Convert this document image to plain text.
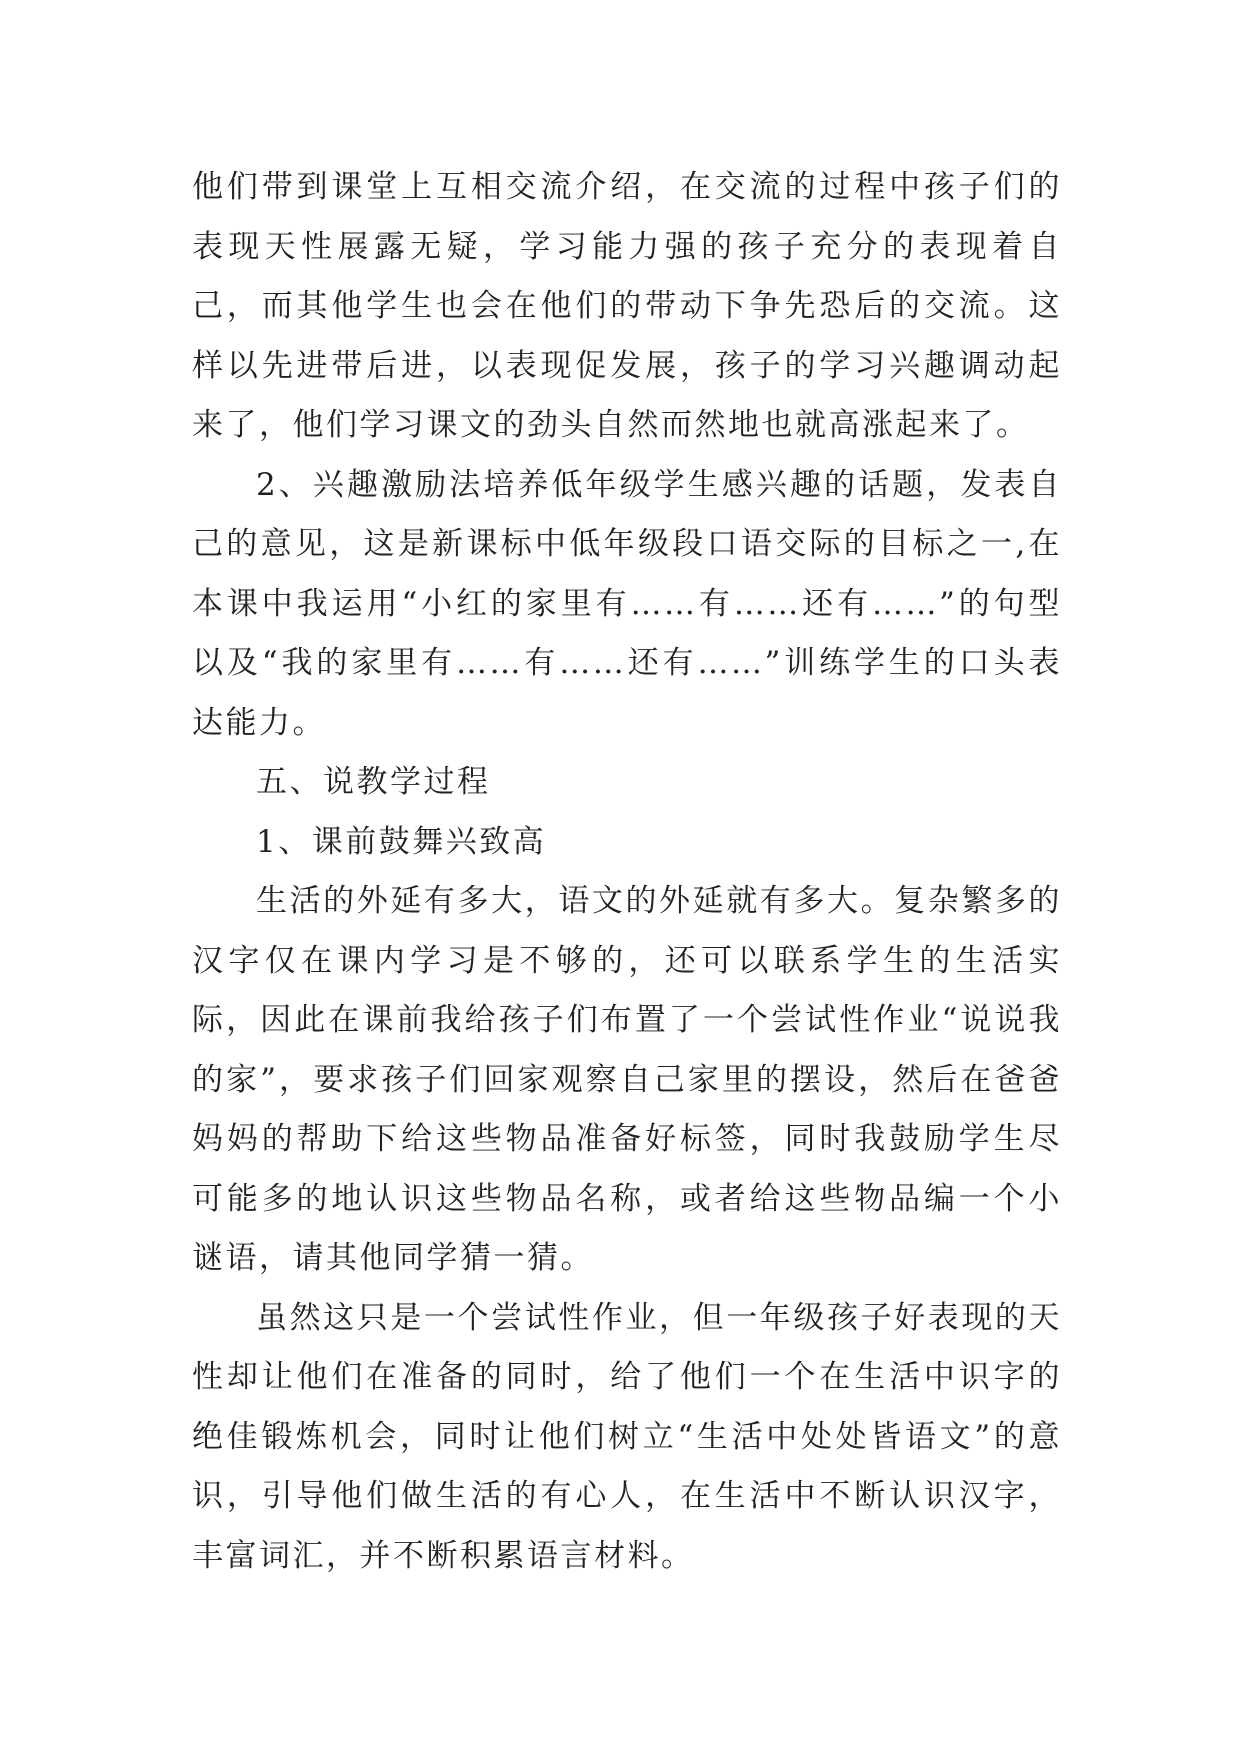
他们带到课堂上互相交流介绍，在交流的过程中孩子们的表现天性展露无疑，学习能力强的孩子充分的表现着自己，而其他学生也会在他们的带动下争先恐后的交流。这样以先进带后进，以表现促发展，孩子的学习兴趣调动起来了，他们学习课文的劲头自然而然地也就高涨起来了。

2、兴趣激励法培养低年级学生感兴趣的话题，发表自己的意见，这是新课标中低年级段口语交际的目标之一,在本课中我运用“小红的家里有……有……还有……”的句型以及“我的家里有……有……还有……”训练学生的口头表达能力。

五、说教学过程

1、课前鼓舞兴致高

生活的外延有多大，语文的外延就有多大。复杂繁多的汉字仅在课内学习是不够的，还可以联系学生的生活实际，因此在课前我给孩子们布置了一个尝试性作业“说说我的家”，要求孩子们回家观察自己家里的摆设，然后在爸爸妈妈的帮助下给这些物品准备好标签，同时我鼓励学生尽可能多的地认识这些物品名称，或者给这些物品编一个小谜语，请其他同学猜一猜。

虽然这只是一个尝试性作业，但一年级孩子好表现的天性却让他们在准备的同时，给了他们一个在生活中识字的绝佳锻炼机会，同时让他们树立“生活中处处皆语文”的意识，引导他们做生活的有心人，在生活中不断认识汉字，丰富词汇，并不断积累语言材料。
